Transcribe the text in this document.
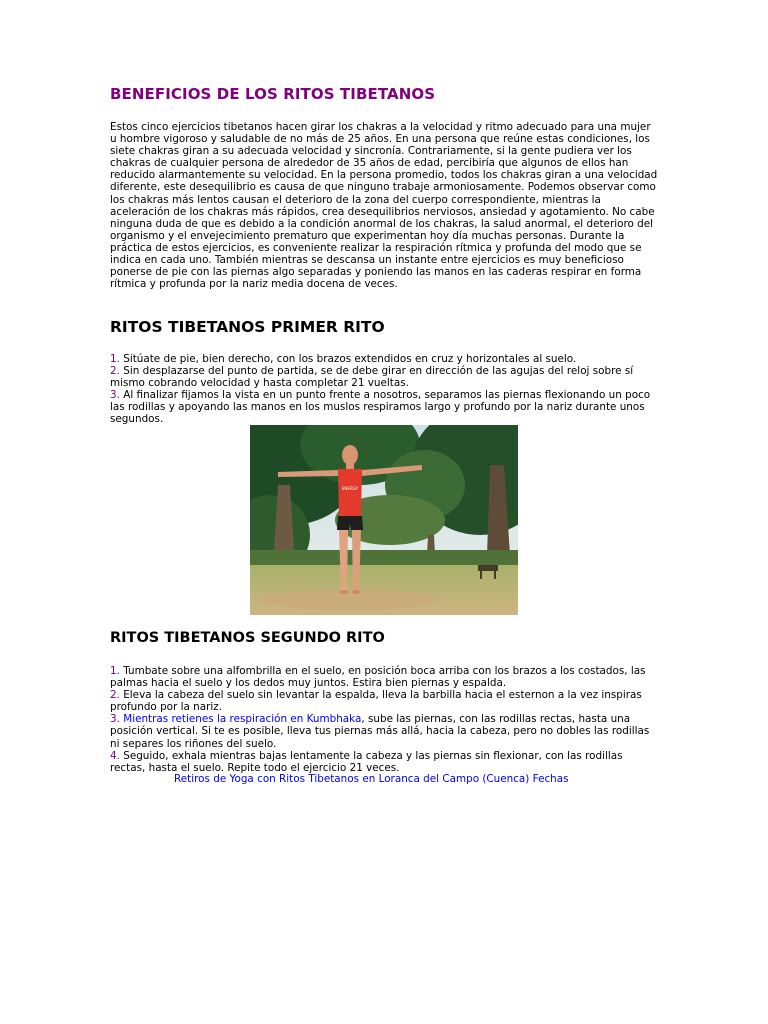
BENEFICIOS DE LOS RITOS TIBETANOS

Estos cinco ejercicios tibetanos hacen girar los chakras a la velocidad y ritmo adecuado para una mujer u hombre vigoroso y saludable de no más de 25 años. En una persona que reúne estas condiciones, los siete chakras giran a su adecuada velocidad y sincronía. Contrariamente, si la gente pudiera ver los chakras de cualquier persona de alrededor de 35 años de edad, percibiría que algunos de ellos han reducido alarmantemente su velocidad. En la persona promedio, todos los chakras giran a una velocidad diferente, este desequilibrio es causa de que ninguno trabaje armoniosamente. Podemos observar como los chakras más lentos causan el deterioro de la zona del cuerpo correspondiente, mientras la aceleración de los chakras más rápidos, crea desequilibrios nerviosos, ansiedad y agotamiento. No cabe ninguna duda de que es debido a la condición anormal de los chakras, la salud anormal, el deterioro del organismo y el envejecimiento prematuro que experimentan hoy día muchas personas. Durante la práctica de estos ejercicios, es conveniente realizar la respiración rítmica y profunda del modo que se indica en cada uno. También mientras se descansa un instante entre ejercicios es muy beneficioso ponerse de pie con las piernas algo separadas y poniendo las manos en las caderas respirar en forma rítmica y profunda por la nariz media docena de veces.

RITOS TIBETANOS PRIMER RITO

1. Sitúate de pie, bien derecho, con los brazos extendidos en cruz y horizontales al suelo.

2. Sin desplazarse del punto de partida, se de debe girar en dirección de las agujas del reloj sobre sí mismo cobrando velocidad y hasta completar 21 vueltas.

3. Al finalizar fijamos la vista en un punto frente a nosotros, separamos las piernas flexionando un poco las rodillas y apoyando las manos en los muslos respiramos largo y profundo por la nariz durante unos segundos.

ENERGY
RITOS TIBETANOS SEGUNDO RITO

1. Tumbate sobre una alfombrilla en el suelo, en posición boca arriba con los brazos a los costados, las palmas hacia el suelo y los dedos muy juntos. Estira bien piernas y espalda.

2. Eleva la cabeza del suelo sin levantar la espalda, lleva la barbilla hacia el esternon a la vez inspiras profundo por la nariz.

3. Mientras retienes la respiración en Kumbhaka, sube las piernas, con las rodillas rectas, hasta una posición vertical. Si te es posible, lleva tus piernas más allá, hacia la cabeza, pero no dobles las rodillas ni separes los riñones del suelo.

4. Seguido, exhala mientras bajas lentamente la cabeza y las piernas sin flexionar, con las rodillas rectas, hasta el suelo. Repite todo el ejercicio 21 veces.

Retiros de Yoga con Ritos Tibetanos en Loranca del Campo (Cuenca) Fechas
